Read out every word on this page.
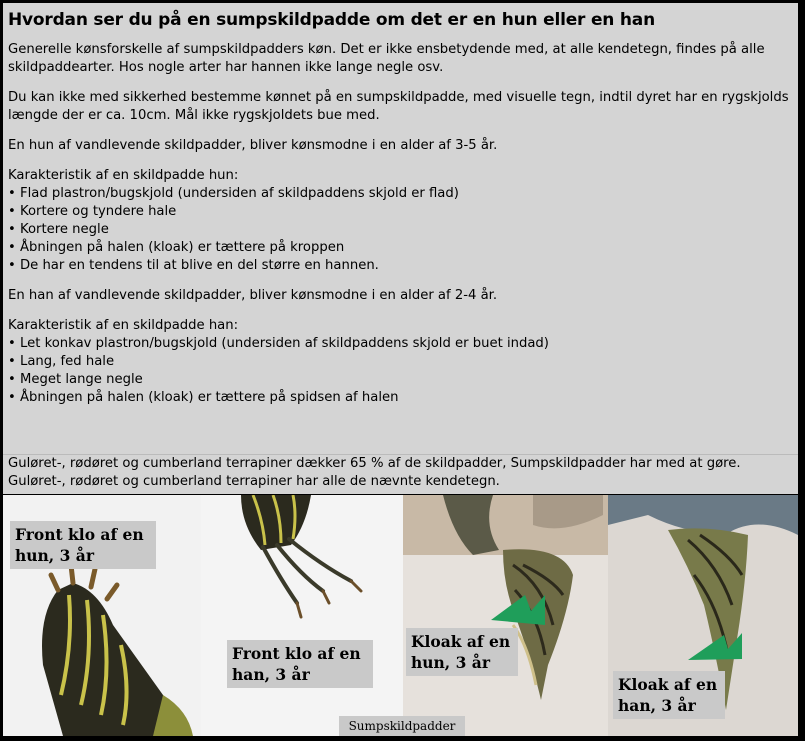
Hvordan ser du på en sumpskildpadde om det er en hun eller en han

Generelle kønsforskelle af sumpskildpadders køn. Det er ikke ensbetydende med, at alle kendetegn, findes på alle skildpaddearter. Hos nogle arter har hannen ikke lange negle osv.

Du kan ikke med sikkerhed bestemme kønnet på en sumpskildpadde, med visuelle tegn, indtil dyret har en rygskjolds længde der er ca. 10cm. Mål ikke rygskjoldets bue med.

En hun af vandlevende skildpadder, bliver kønsmodne i en alder af 3-5 år.

Karakteristik af en skildpadde hun:

• Flad plastron/bugskjold (undersiden af skildpaddens skjold er flad)
• Kortere og tyndere hale
• Kortere negle
• Åbningen på halen (kloak) er tættere på kroppen
• De har en tendens til at blive en del større en hannen.

En han af vandlevende skildpadder, bliver kønsmodne i en alder af 2-4 år.

Karakteristik af en skildpadde han:

• Let konkav plastron/bugskjold (undersiden af skildpaddens skjold er buet indad)
• Lang, fed hale
• Meget lange negle
• Åbningen på halen (kloak) er tættere på spidsen af halen

Guløret-, rødøret og cumberland terrapiner dækker 65 % af de skildpadder, Sumpskildpadder har med at gøre.

Guløret-, rødøret og cumberland terrapiner har alle de nævnte kendetegn.

Front klo af en
hun, 3 år
Front klo af en
han, 3 år
Kloak af en
hun, 3 år
Kloak af en
han, 3 år
Sumpskildpadder
